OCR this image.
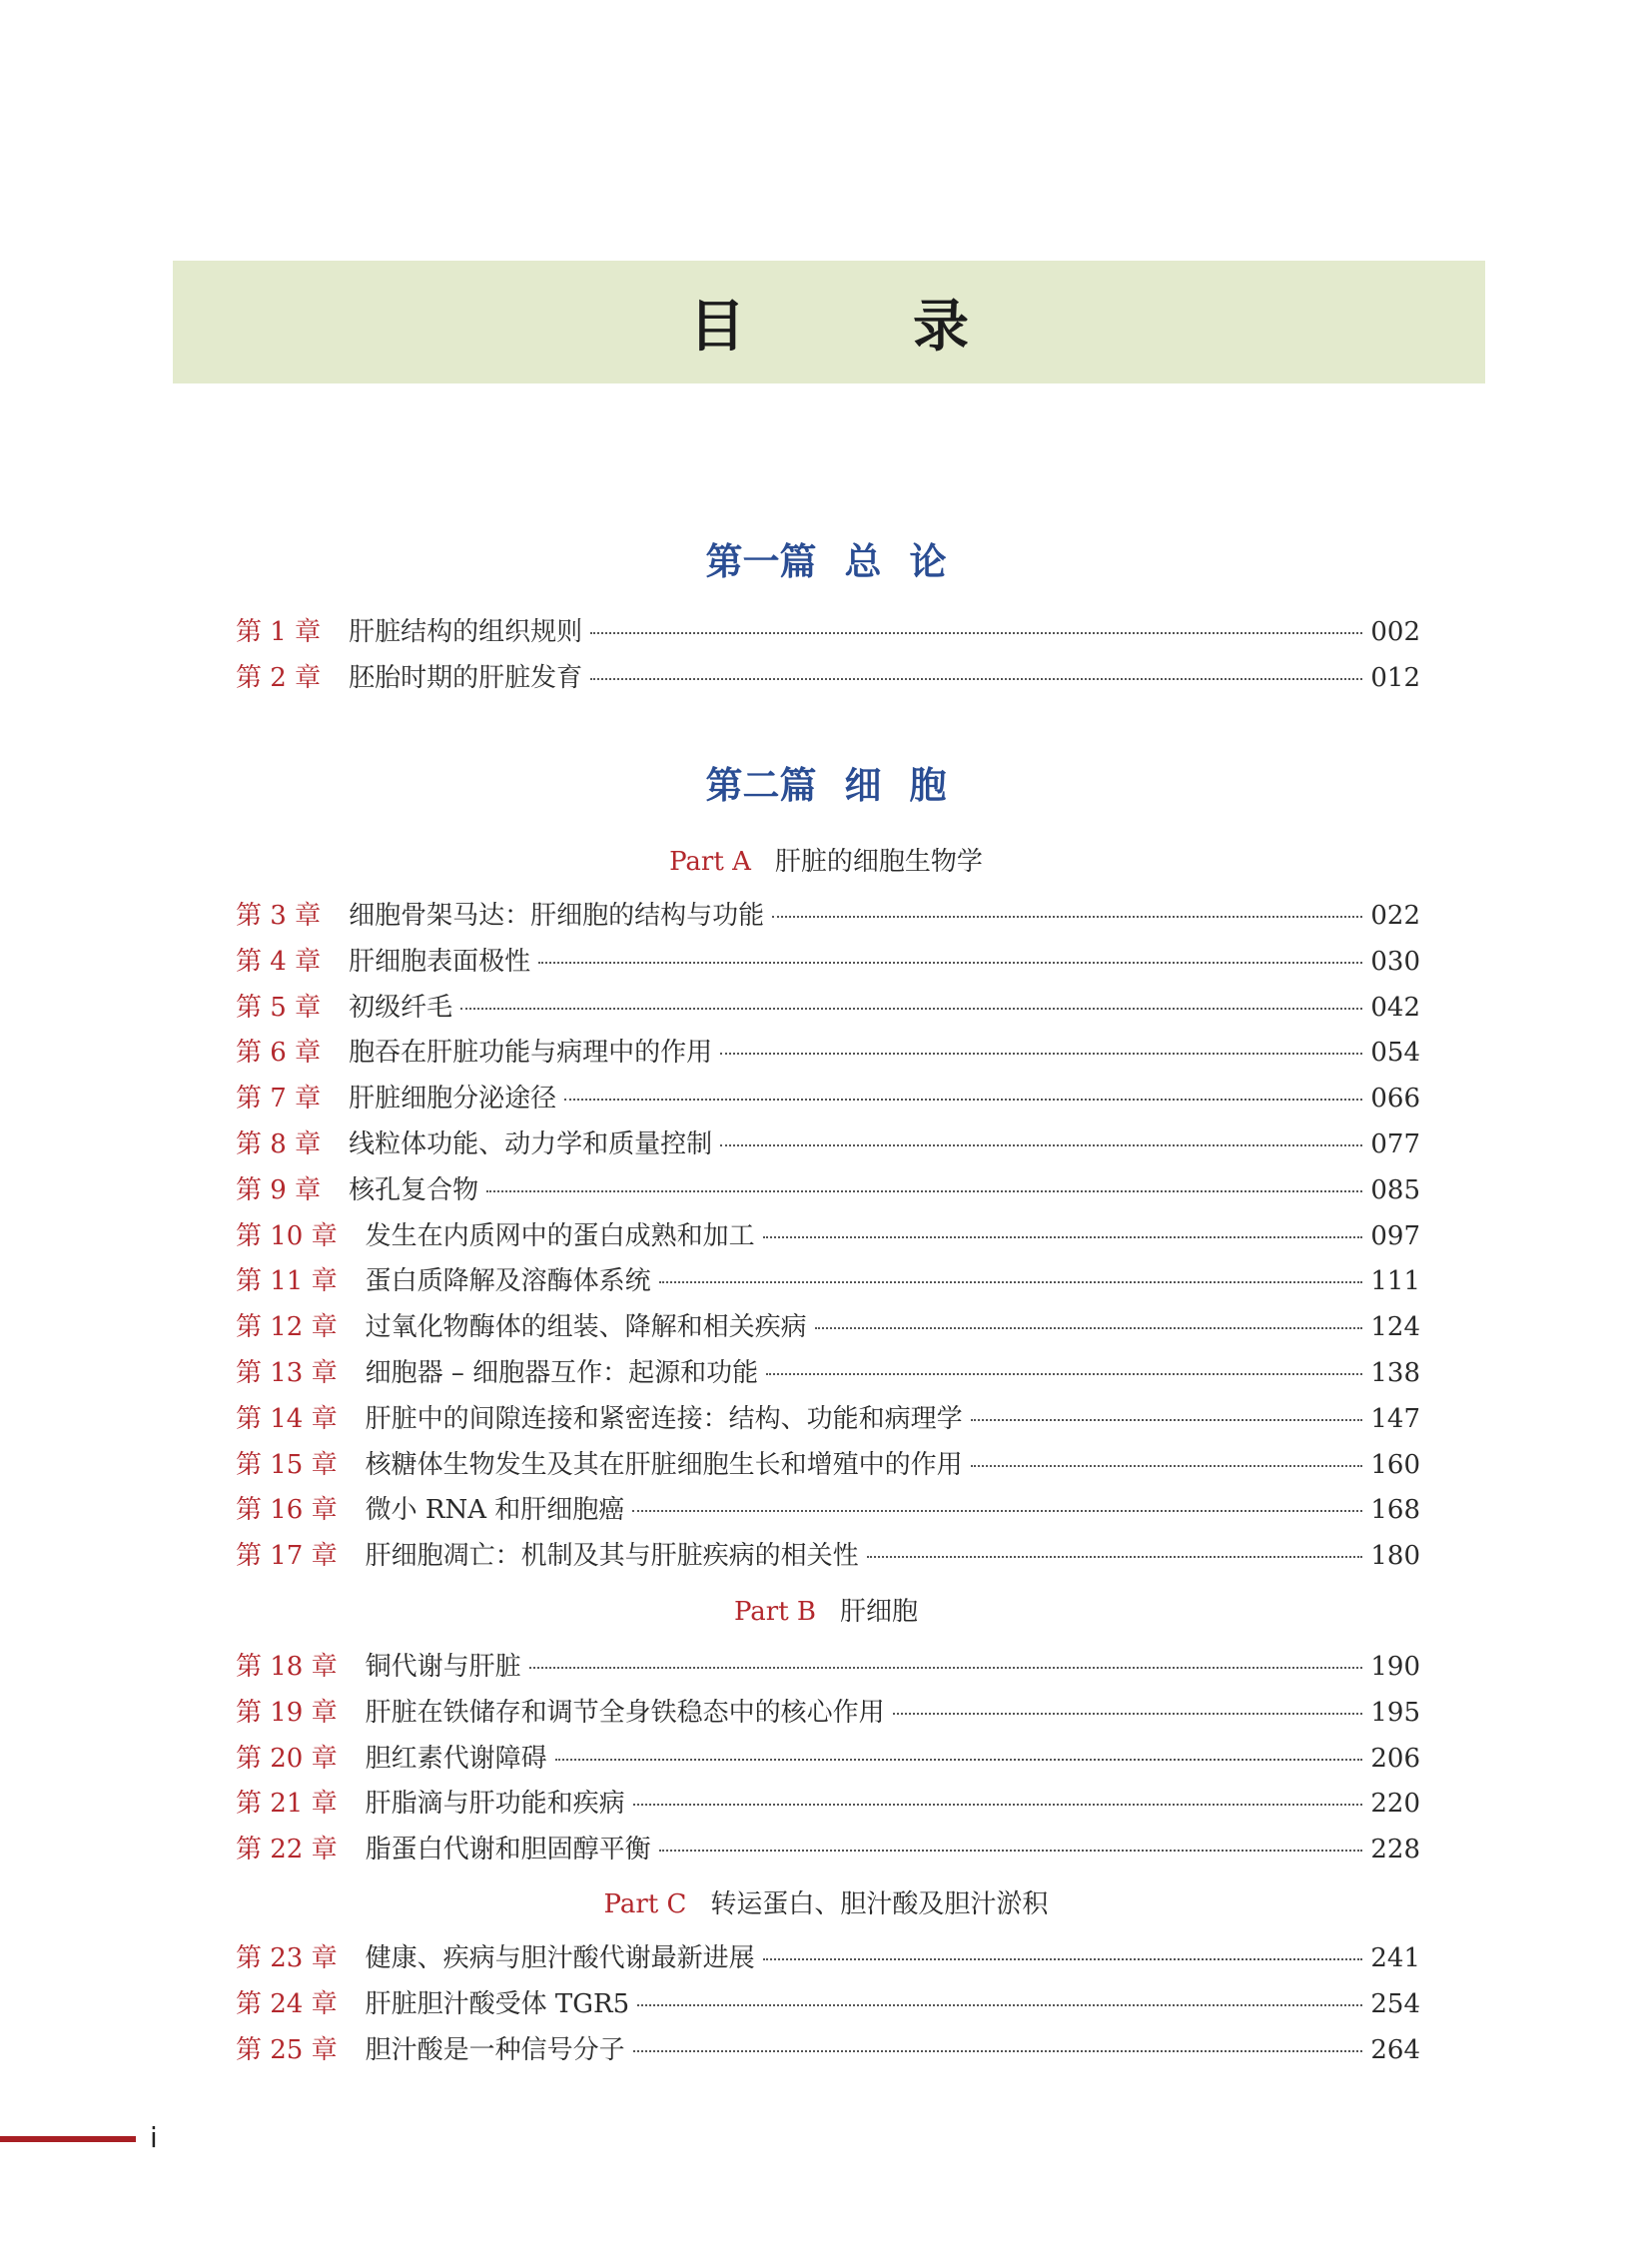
目　录
第一篇 总 论
第 1 章 肝脏结构的组织规则	002
第 2 章 胚胎时期的肝脏发育	012
第二篇 细 胞
Part A 肝脏的细胞生物学
第 3 章 细胞骨架马达：肝细胞的结构与功能	022
第 4 章 肝细胞表面极性	030
第 5 章 初级纤毛	042
第 6 章 胞吞在肝脏功能与病理中的作用	054
第 7 章 肝脏细胞分泌途径	066
第 8 章 线粒体功能、动力学和质量控制	077
第 9 章 核孔复合物	085
第 10 章 发生在内质网中的蛋白成熟和加工	097
第 11 章 蛋白质降解及溶酶体系统	111
第 12 章 过氧化物酶体的组装、降解和相关疾病	124
第 13 章 细胞器 – 细胞器互作：起源和功能	138
第 14 章 肝脏中的间隙连接和紧密连接：结构、功能和病理学	147
第 15 章 核糖体生物发生及其在肝脏细胞生长和增殖中的作用	160
第 16 章 微小 RNA 和肝细胞癌	168
第 17 章 肝细胞凋亡：机制及其与肝脏疾病的相关性	180
Part B 肝细胞
第 18 章 铜代谢与肝脏	190
第 19 章 肝脏在铁储存和调节全身铁稳态中的核心作用	195
第 20 章 胆红素代谢障碍	206
第 21 章 肝脂滴与肝功能和疾病	220
第 22 章 脂蛋白代谢和胆固醇平衡	228
Part C 转运蛋白、胆汁酸及胆汁淤积
第 23 章 健康、疾病与胆汁酸代谢最新进展	241
第 24 章 肝脏胆汁酸受体 TGR5	254
第 25 章 胆汁酸是一种信号分子	264
i
